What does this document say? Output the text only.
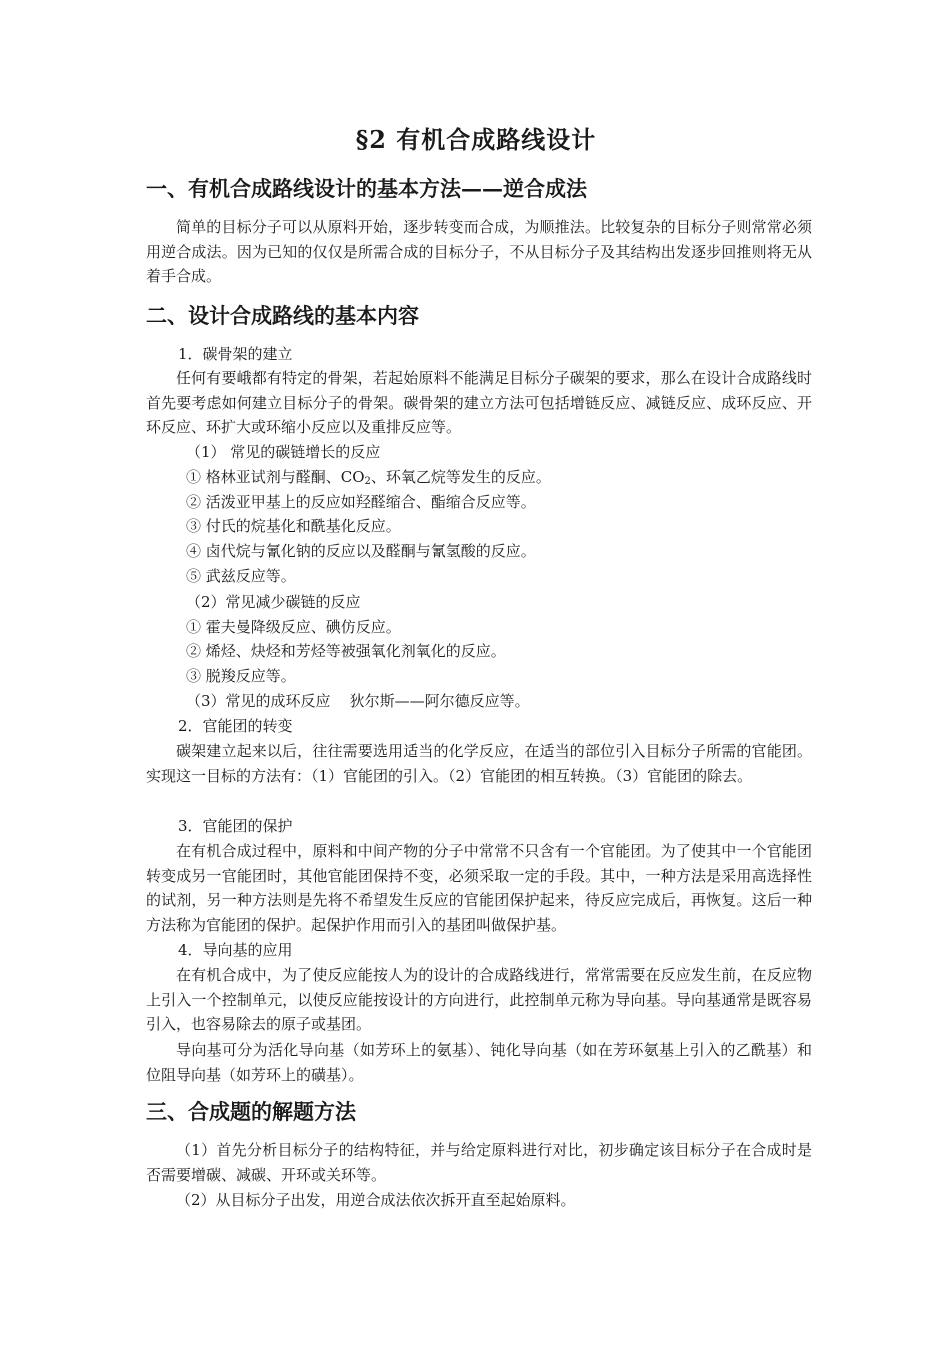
§2 有机合成路线设计
一、有机合成路线设计的基本方法——逆合成法
简单的目标分子可以从原料开始，逐步转变而合成，为顺推法。比较复杂的目标分子则常常必须用逆合成法。因为已知的仅仅是所需合成的目标分子，不从目标分子及其结构出发逐步回推则将无从着手合成。
二、设计合成路线的基本内容
1．碳骨架的建立
任何有要峨都有特定的骨架，若起始原料不能满足目标分子碳架的要求，那么在设计合成路线时首先要考虑如何建立目标分子的骨架。碳骨架的建立方法可包括增链反应、减链反应、成环反应、开环反应、环扩大或环缩小反应以及重排反应等。
（1） 常见的碳链增长的反应
① 格林亚试剂与醛酮、$CO_2$、环氧乙烷等发生的反应。
② 活泼亚甲基上的反应如羟醛缩合、酯缩合反应等。
③ 付氏的烷基化和酰基化反应。
④ 卤代烷与氰化钠的反应以及醛酮与氰氢酸的反应。
⑤ 武兹反应等。
（2）常见减少碳链的反应
① 霍夫曼降级反应、碘仿反应。
② 烯烃、炔烃和芳烃等被强氧化剂氧化的反应。
③ 脱羧反应等。
（3）常见的成环反应    狄尔斯——阿尔德反应等。
2．官能团的转变
碳架建立起来以后，往往需要选用适当的化学反应，在适当的部位引入目标分子所需的官能团。实现这一目标的方法有：（1）官能团的引入。（2）官能团的相互转换。（3）官能团的除去。
3．官能团的保护
在有机合成过程中，原料和中间产物的分子中常常不只含有一个官能团。为了使其中一个官能团转变成另一官能团时，其他官能团保持不变，必须采取一定的手段。其中，一种方法是采用高选择性的试剂，另一种方法则是先将不希望发生反应的官能团保护起来，待反应完成后，再恢复。这后一种方法称为官能团的保护。起保护作用而引入的基团叫做保护基。
4．导向基的应用
在有机合成中，为了使反应能按人为的设计的合成路线进行，常常需要在反应发生前，在反应物上引入一个控制单元，以使反应能按设计的方向进行，此控制单元称为导向基。导向基通常是既容易引入，也容易除去的原子或基团。
导向基可分为活化导向基（如芳环上的氨基）、钝化导向基（如在芳环氨基上引入的乙酰基）和位阻导向基（如芳环上的磺基）。
三、合成题的解题方法
（1）首先分析目标分子的结构特征，并与给定原料进行对比，初步确定该目标分子在合成时是否需要增碳、减碳、开环或关环等。
（2）从目标分子出发，用逆合成法依次拆开直至起始原料。
